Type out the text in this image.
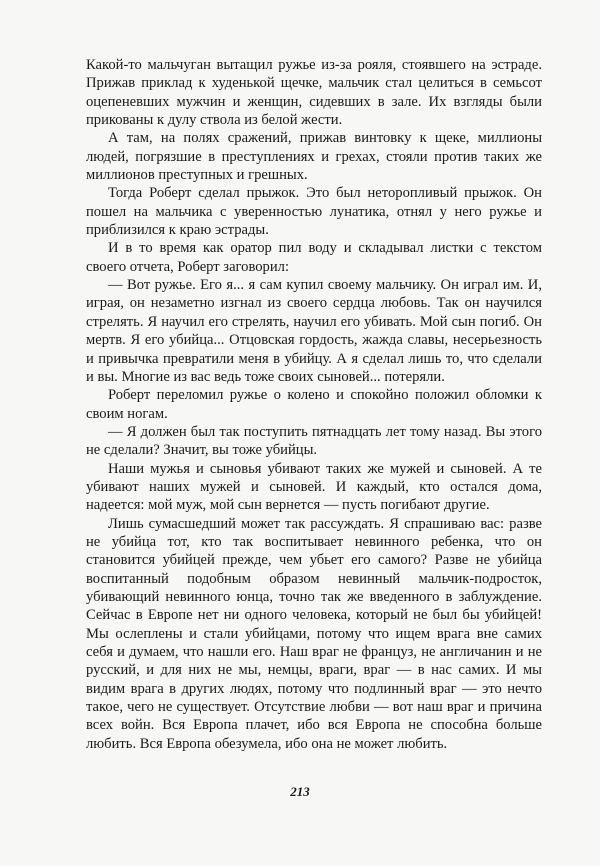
Какой-то мальчуган вытащил ружье из-за рояля, стоявшего на эстраде. Прижав приклад к худенькой щечке, мальчик стал целиться в семьсот оцепеневших мужчин и женщин, сидевших в зале. Их взгляды были прикованы к дулу ствола из белой жести.

А там, на полях сражений, прижав винтовку к щеке, миллионы людей, погрязшие в преступлениях и грехах, стояли против таких же миллионов преступных и грешных.

Тогда Роберт сделал прыжок. Это был неторопливый прыжок. Он пошел на мальчика с уверенностью лунатика, отнял у него ружье и приблизился к краю эстрады.

И в то время как оратор пил воду и складывал листки с текстом своего отчета, Роберт заговорил:

— Вот ружье. Его я... я сам купил своему мальчику. Он играл им. И, играя, он незаметно изгнал из своего сердца любовь. Так он научился стрелять. Я научил его стрелять, научил его убивать. Мой сын погиб. Он мертв. Я его убийца... Отцовская гордость, жажда славы, несерьезность и привычка превратили меня в убийцу. А я сделал лишь то, что сделали и вы. Многие из вас ведь тоже своих сыновей... потеряли.

Роберт переломил ружье о колено и спокойно положил обломки к своим ногам.

— Я должен был так поступить пятнадцать лет тому назад. Вы этого не сделали? Значит, вы тоже убийцы.

Наши мужья и сыновья убивают таких же мужей и сыновей. А те убивают наших мужей и сыновей. И каждый, кто остался дома, надеется: мой муж, мой сын вернется — пусть погибают другие.

Лишь сумасшедший может так рассуждать. Я спрашиваю вас: разве не убийца тот, кто так воспитывает невинного ребенка, что он становится убийцей прежде, чем убьет его самого? Разве не убийца воспитанный подобным образом невинный мальчик-подросток, убивающий невинного юнца, точно так же введенного в заблуждение. Сейчас в Европе нет ни одного человека, который не был бы убийцей! Мы ослеплены и стали убийцами, потому что ищем врага вне самих себя и думаем, что нашли его. Наш враг не француз, не англичанин и не русский, и для них не мы, немцы, враги, враг — в нас самих. И мы видим врага в других людях, потому что подлинный враг — это нечто такое, чего не существует. Отсутствие любви — вот наш враг и причина всех войн. Вся Европа плачет, ибо вся Европа не способна больше любить. Вся Европа обезумела, ибо она не может любить.

213
